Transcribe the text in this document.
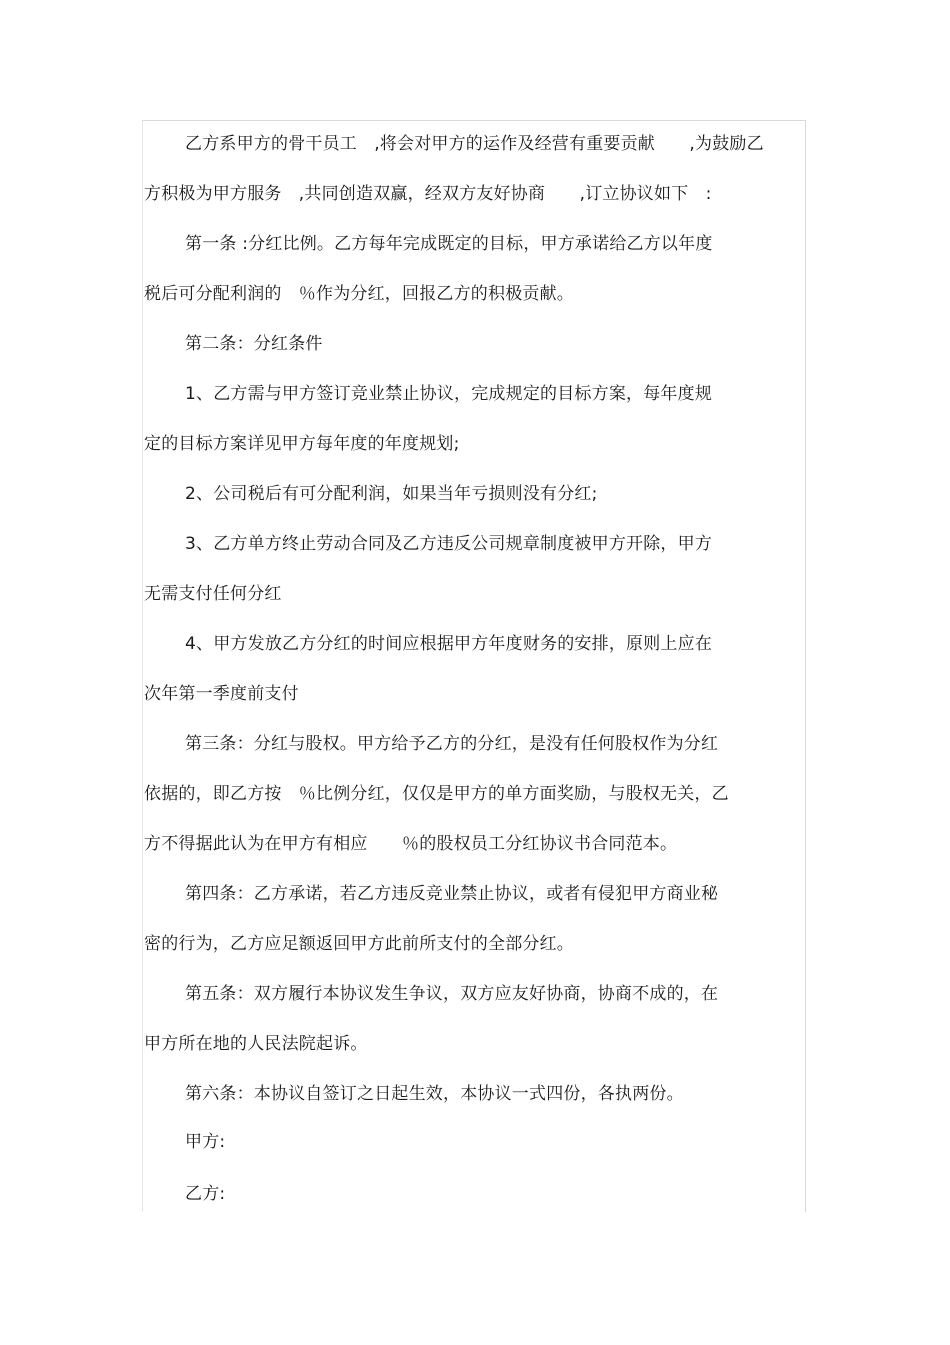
乙方系甲方的骨干员工　,将会对甲方的运作及经营有重要贡献　　,为鼓励乙

方积极为甲方服务　,共同创造双赢，经双方友好协商　　,订立协议如下　:

第一条 :分红比例。乙方每年完成既定的目标，甲方承诺给乙方以年度

税后可分配利润的　％作为分红，回报乙方的积极贡献。

第二条：分红条件

1、乙方需与甲方签订竞业禁止协议，完成规定的目标方案，每年度规

定的目标方案详见甲方每年度的年度规划;

2、公司税后有可分配利润，如果当年亏损则没有分红;

3、乙方单方终止劳动合同及乙方违反公司规章制度被甲方开除，甲方

无需支付任何分红

4、甲方发放乙方分红的时间应根据甲方年度财务的安排，原则上应在

次年第一季度前支付

第三条：分红与股权。甲方给予乙方的分红，是没有任何股权作为分红

依据的，即乙方按　％比例分红，仅仅是甲方的单方面奖励，与股权无关，乙

方不得据此认为在甲方有相应　　％的股权员工分红协议书合同范本。

第四条：乙方承诺，若乙方违反竞业禁止协议，或者有侵犯甲方商业秘

密的行为，乙方应足额返回甲方此前所支付的全部分红。

第五条：双方履行本协议发生争议，双方应友好协商，协商不成的，在

甲方所在地的人民法院起诉。

第六条：本协议自签订之日起生效，本协议一式四份，各执两份。

甲方:

乙方:
